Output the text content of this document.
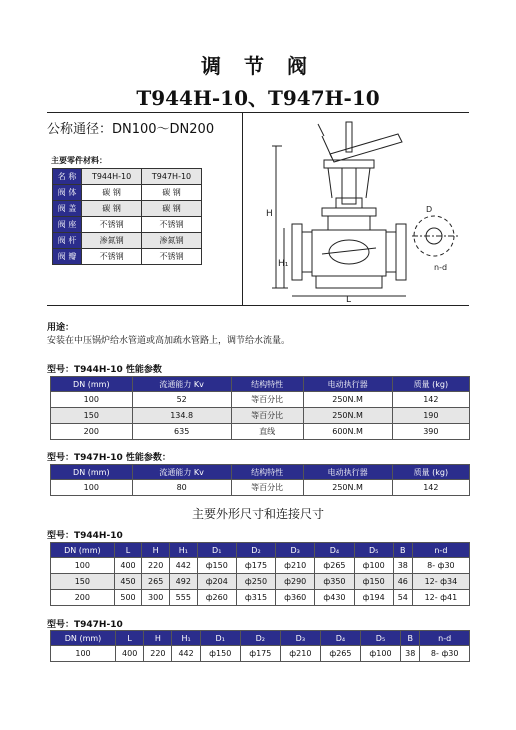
调 节 阀
T944H-10、T947H-10
公称通径：DN100～DN200
主要零件材料：
名 称	T944H-10	T947H-10
阀 体	碳 钢	碳 钢
阀 盖	碳 钢	碳 钢
阀 座	不锈钢	不锈钢
阀 杆	渗氮钢	渗氮钢
阀 瓣	不锈钢	不锈钢
H
H₁
L
D
n-d
用途：
安装在中压锅炉给水管道或高加疏水管路上，调节给水流量。
型号：T944H-10 性能参数
DN (mm)	流通能力 Kv	结构特性	电动执行器	质量 (kg)
100	52	等百分比	250N.M	142
150	134.8	等百分比	250N.M	190
200	635	直线	600N.M	390
型号：T947H-10 性能参数：
DN (mm)	流通能力 Kv	结构特性	电动执行器	质量 (kg)
100	80	等百分比	250N.M	142
主要外形尺寸和连接尺寸
型号：T944H-10
DN (mm)	L	H	H₁	D₁	D₂	D₃	D₄	D₅	B	n-d
100	400	220	442	ф150	ф175	ф210	ф265	ф100	38	8- ф30
150	450	265	492	ф204	ф250	ф290	ф350	ф150	46	12- ф34
200	500	300	555	ф260	ф315	ф360	ф430	ф194	54	12- ф41
型号：T947H-10
DN (mm)	L	H	H₁	D₁	D₂	D₃	D₄	D₅	B	n-d
100	400	220	442	ф150	ф175	ф210	ф265	ф100	38	8- ф30
